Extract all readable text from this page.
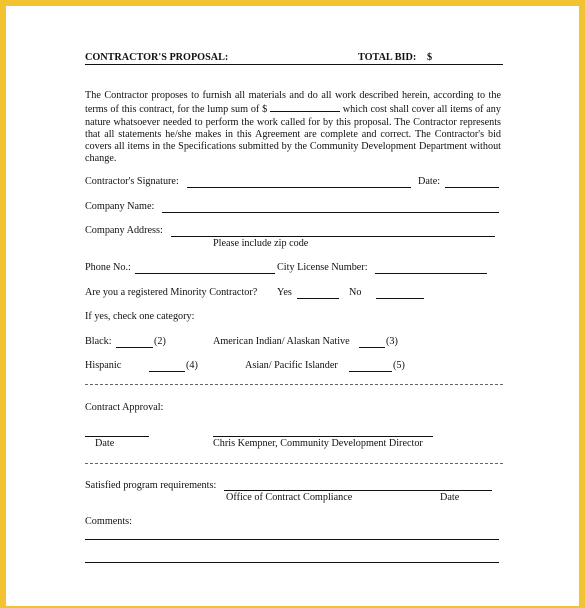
CONTRACTOR'S PROPOSAL:	TOTAL BID: $
The Contractor proposes to furnish all materials and do all work described herein, according to the terms of this contract, for the lump sum of $	which cost shall cover all items of any nature whatsoever needed to perform the work called for by this proposal. The Contractor represents that all statements he/she makes in this Agreement are complete and correct. The Contractor's bid covers all items in the Specifications submitted by the Community Development Department without change.
Contractor's Signature:	Date:
Company Name:
Company Address:
Please include zip code
Phone No.:	City License Number:
Are you a registered Minority Contractor? Yes	No
If yes, check one category:
Black:	(2)	American Indian/ Alaskan Native	(3)
Hispanic	(4)	Asian/ Pacific Islander	(5)
Contract Approval:
Date	Chris Kempner, Community Development Director
Satisfied program requirements:
Office of Contract Compliance	Date
Comments:
